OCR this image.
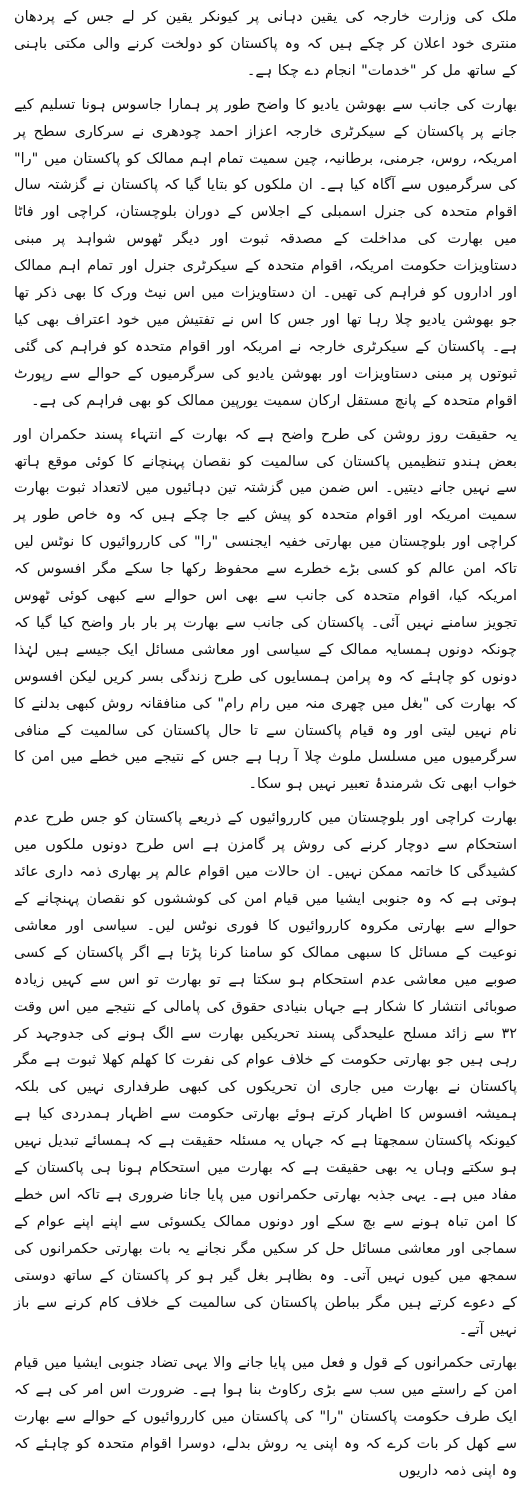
ملک کی وزارت خارجہ کی یقین دہانی پر کیونکر یقین کر لے جس کے پردھان منتری خود اعلان کر چکے ہیں کہ وہ پاکستان کو دولخت کرنے والی مکتی باہنی کے ساتھ مل کر "خدمات" انجام دے چکا ہے۔

بھارت کی جانب سے بھوشن یادیو کا واضح طور پر ہمارا جاسوس ہونا تسلیم کیے جانے پر پاکستان کے سیکرٹری خارجہ اعزاز احمد چودھری نے سرکاری سطح پر امریکہ، روس، جرمنی، برطانیہ، چین سمیت تمام اہم ممالک کو پاکستان میں "را" کی سرگرمیوں سے آگاہ کیا ہے۔ ان ملکوں کو بتایا گیا کہ پاکستان نے گزشتہ سال اقوام متحدہ کی جنرل اسمبلی کے اجلاس کے دوران بلوچستان، کراچی اور فاٹا میں بھارت کی مداخلت کے مصدقہ ثبوت اور دیگر ٹھوس شواہد پر مبنی دستاویزات حکومت امریکہ، اقوام متحدہ کے سیکرٹری جنرل اور تمام اہم ممالک اور اداروں کو فراہم کی تھیں۔ ان دستاویزات میں اس نیٹ ورک کا بھی ذکر تھا جو بھوشن یادیو چلا رہا تھا اور جس کا اس نے تفتیش میں خود اعتراف بھی کیا ہے۔ پاکستان کے سیکرٹری خارجہ نے امریکہ اور اقوام متحدہ کو فراہم کی گئی ثبوتوں پر مبنی دستاویزات اور بھوشن یادیو کی سرگرمیوں کے حوالے سے رپورٹ اقوام متحدہ کے پانچ مستقل ارکان سمیت یورپین ممالک کو بھی فراہم کی ہے۔

یہ حقیقت روز روشن کی طرح واضح ہے کہ بھارت کے انتہاء پسند حکمران اور بعض ہندو تنظیمیں پاکستان کی سالمیت کو نقصان پہنچانے کا کوئی موقع ہاتھ سے نہیں جانے دیتیں۔ اس ضمن میں گزشتہ تین دہائیوں میں لاتعداد ثبوت بھارت سمیت امریکہ اور اقوام متحدہ کو پیش کیے جا چکے ہیں کہ وہ خاص طور پر کراچی اور بلوچستان میں بھارتی خفیہ ایجنسی "را" کی کارروائیوں کا نوٹس لیں تاکہ امن عالم کو کسی بڑے خطرے سے محفوظ رکھا جا سکے مگر افسوس کہ امریکہ کیا، اقوام متحدہ کی جانب سے بھی اس حوالے سے کبھی کوئی ٹھوس تجویز سامنے نہیں آئی۔ پاکستان کی جانب سے بھارت پر بار بار واضح کیا گیا کہ چونکہ دونوں ہمسایہ ممالک کے سیاسی اور معاشی مسائل ایک جیسے ہیں لہٰذا دونوں کو چاہئے کہ وہ پرامن ہمسایوں کی طرح زندگی بسر کریں لیکن افسوس کہ بھارت کی "بغل میں چھری منہ میں رام رام" کی منافقانہ روش کبھی بدلنے کا نام نہیں لیتی اور وہ قیام پاکستان سے تا حال پاکستان کی سالمیت کے منافی سرگرمیوں میں مسلسل ملوث چلا آ رہا ہے جس کے نتیجے میں خطے میں امن کا خواب ابھی تک شرمندۂ تعبیر نہیں ہو سکا۔

بھارت کراچی اور بلوچستان میں کارروائیوں کے ذریعے پاکستان کو جس طرح عدم استحکام سے دوچار کرنے کی روش پر گامزن ہے اس طرح دونوں ملکوں میں کشیدگی کا خاتمہ ممکن نہیں۔ ان حالات میں اقوام عالم پر بھاری ذمہ داری عائد ہوتی ہے کہ وہ جنوبی ایشیا میں قیام امن کی کوششوں کو نقصان پہنچانے کے حوالے سے بھارتی مکروہ کارروائیوں کا فوری نوٹس لیں۔ سیاسی اور معاشی نوعیت کے مسائل کا سبھی ممالک کو سامنا کرنا پڑتا ہے اگر پاکستان کے کسی صوبے میں معاشی عدم استحکام ہو سکتا ہے تو بھارت تو اس سے کہیں زیادہ صوبائی انتشار کا شکار ہے جہاں بنیادی حقوق کی پامالی کے نتیجے میں اس وقت ۳۲ سے زائد مسلح علیحدگی پسند تحریکیں بھارت سے الگ ہونے کی جدوجہد کر رہی ہیں جو بھارتی حکومت کے خلاف عوام کی نفرت کا کھلم کھلا ثبوت ہے مگر پاکستان نے بھارت میں جاری ان تحریکوں کی کبھی طرفداری نہیں کی بلکہ ہمیشہ افسوس کا اظہار کرتے ہوئے بھارتی حکومت سے اظہار ہمدردی کیا ہے کیونکہ پاکستان سمجھتا ہے کہ جہاں یہ مسئلہ حقیقت ہے کہ ہمسائے تبدیل نہیں ہو سکتے وہاں یہ بھی حقیقت ہے کہ بھارت میں استحکام ہونا ہی پاکستان کے مفاد میں ہے۔ یہی جذبہ بھارتی حکمرانوں میں پایا جانا ضروری ہے تاکہ اس خطے کا امن تباہ ہونے سے بچ سکے اور دونوں ممالک یکسوئی سے اپنے اپنے عوام کے سماجی اور معاشی مسائل حل کر سکیں مگر نجانے یہ بات بھارتی حکمرانوں کی سمجھ میں کیوں نہیں آتی۔ وہ بظاہر بغل گیر ہو کر پاکستان کے ساتھ دوستی کے دعوے کرتے ہیں مگر بباطن پاکستان کی سالمیت کے خلاف کام کرنے سے باز نہیں آتے۔

بھارتی حکمرانوں کے قول و فعل میں پایا جانے والا یہی تضاد جنوبی ایشیا میں قیام امن کے راستے میں سب سے بڑی رکاوٹ بنا ہوا ہے۔ ضرورت اس امر کی ہے کہ ایک طرف حکومت پاکستان "را" کی پاکستان میں کارروائیوں کے حوالے سے بھارت سے کھل کر بات کرے کہ وہ اپنی یہ روش بدلے، دوسرا اقوام متحدہ کو چاہئے کہ وہ اپنی ذمہ داریوں
